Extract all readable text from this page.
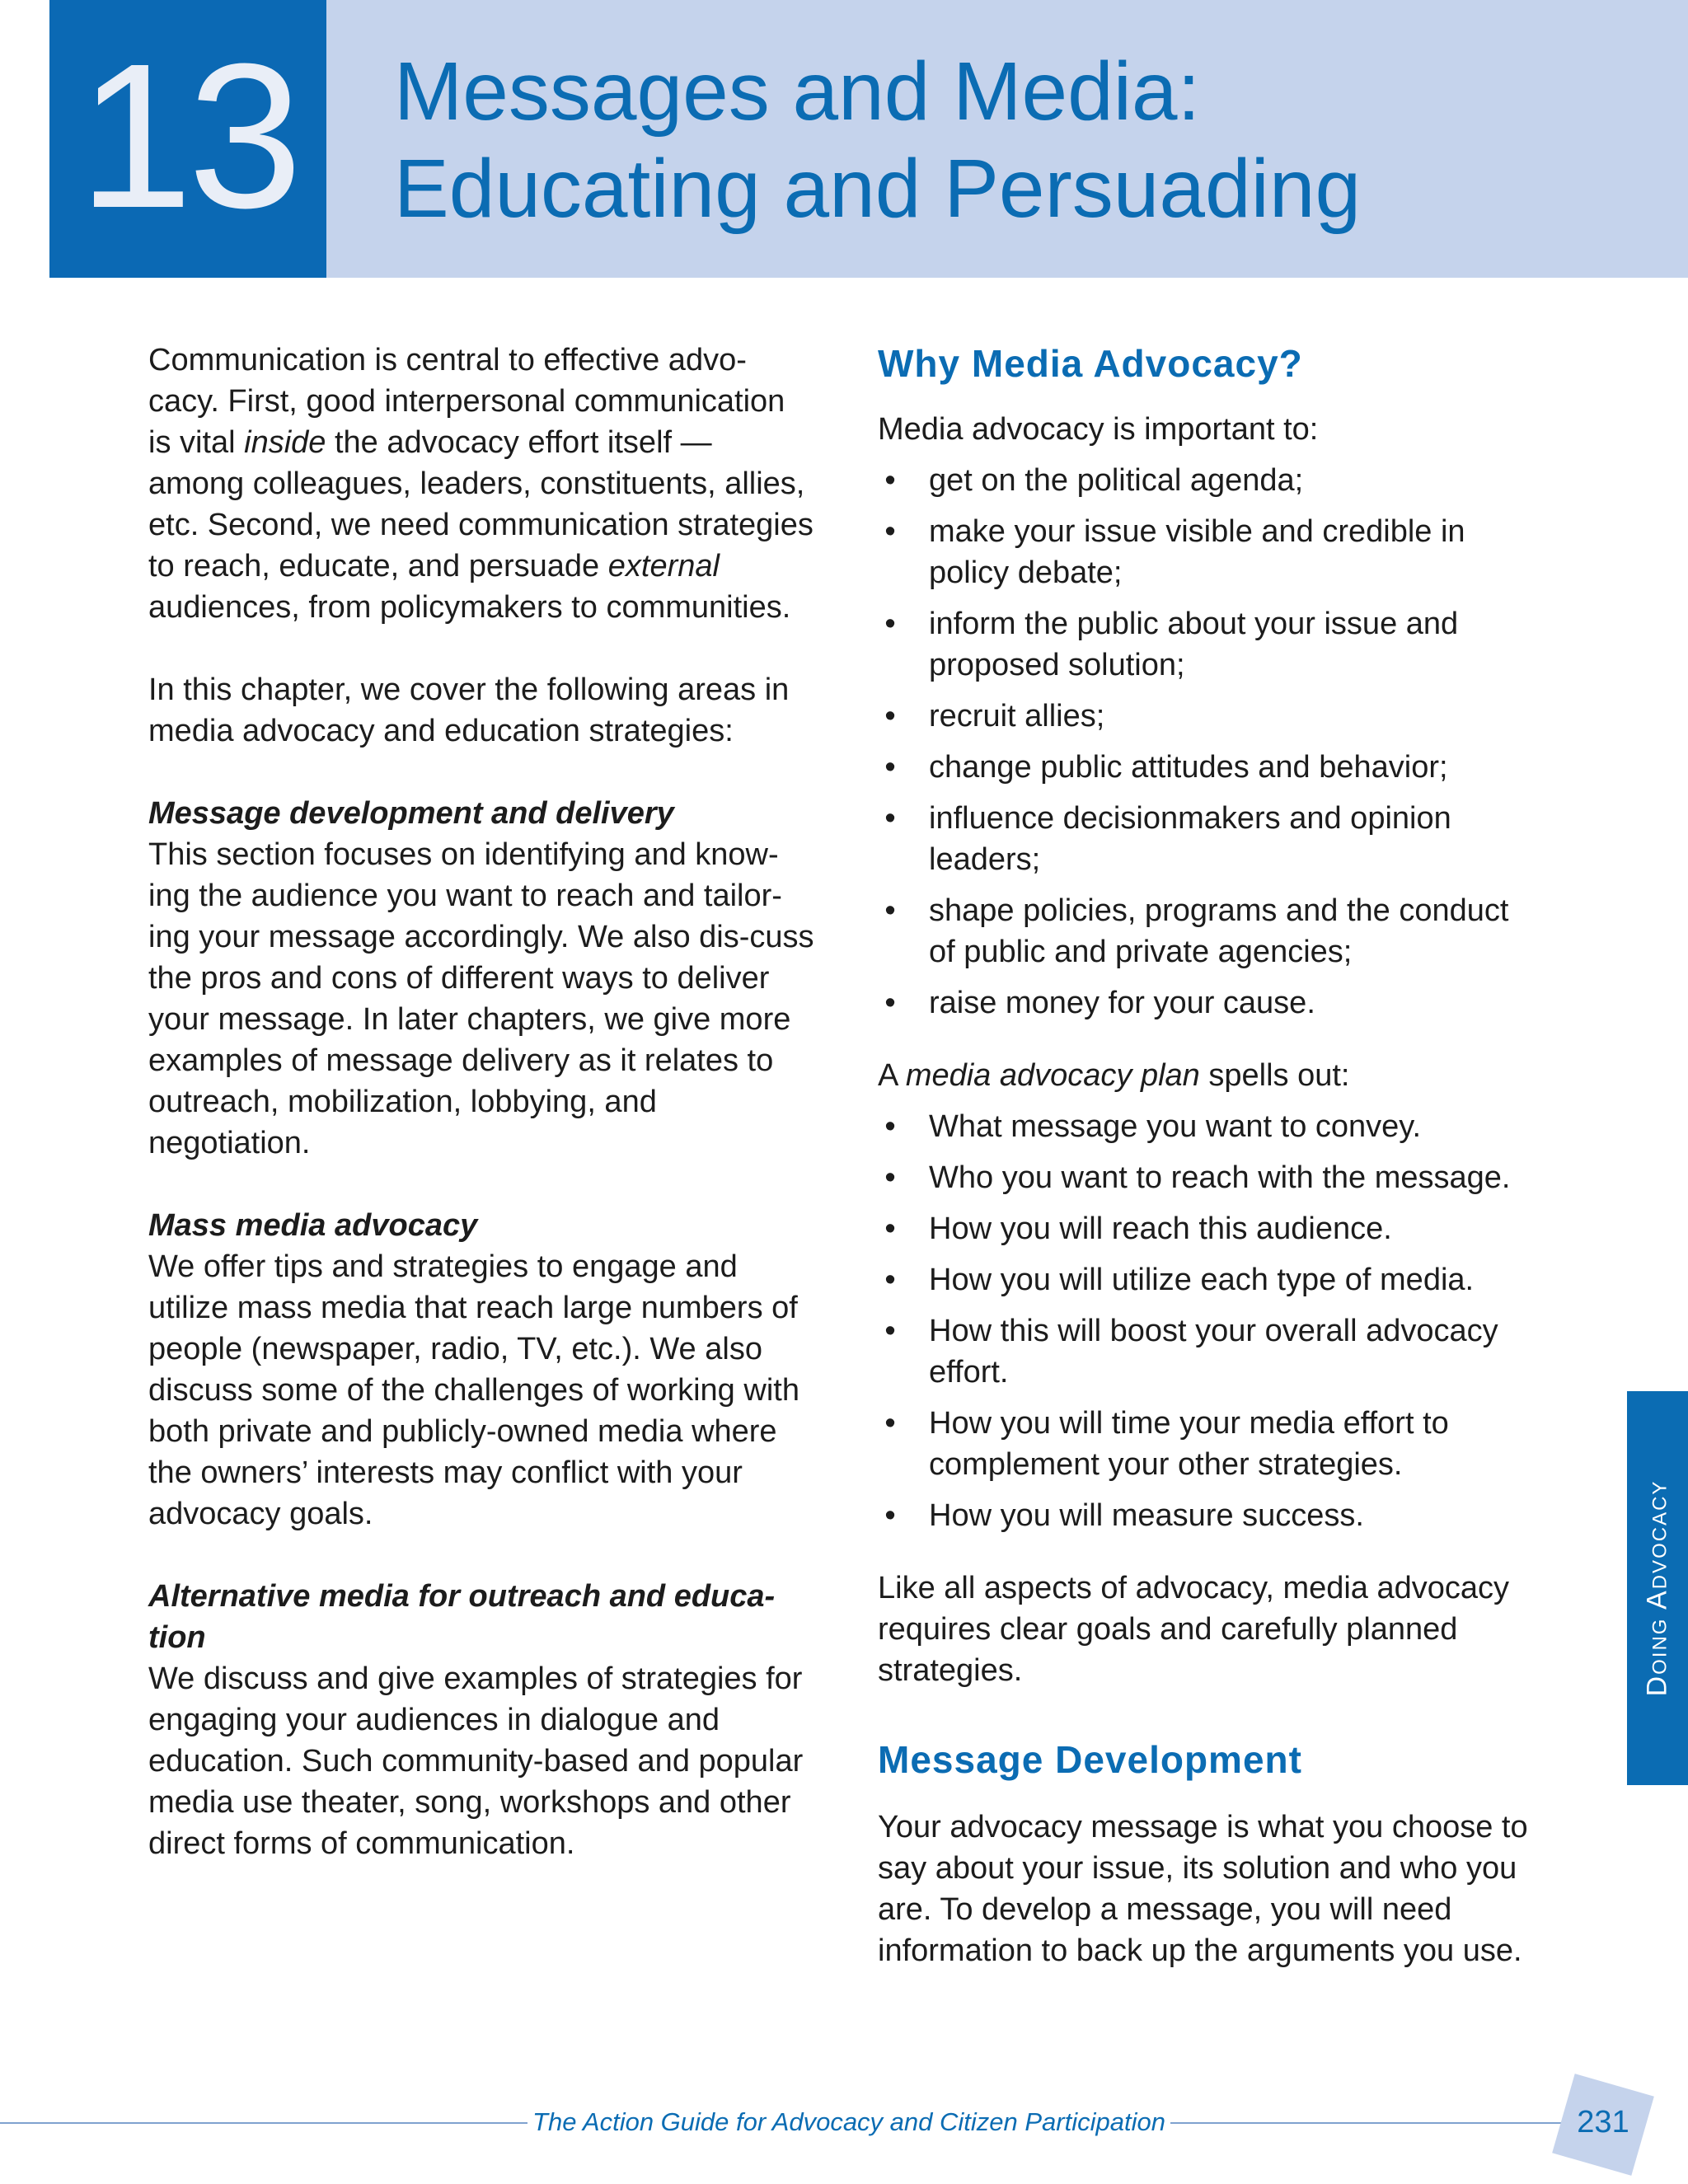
13	Messages and Media:
Educating and Persuading

Communication is central to effective advo-cacy. First, good interpersonal communication is vital inside the advocacy effort itself — among colleagues, leaders, constituents, allies, etc. Second, we need communication strategies to reach, educate, and persuade external audiences, from policymakers to communities.

In this chapter, we cover the following areas in media advocacy and education strategies:

Message development and delivery

This section focuses on identifying and know-ing the audience you want to reach and tailor-ing your message accordingly. We also dis-cuss the pros and cons of different ways to deliver your message. In later chapters, we give more examples of message delivery as it relates to outreach, mobilization, lobbying, and negotiation.

Mass media advocacy

We offer tips and strategies to engage and utilize mass media that reach large numbers of people (newspaper, radio, TV, etc.). We also discuss some of the challenges of working with both private and publicly-owned media where the owners’ interests may conflict with your advocacy goals.

Alternative media for outreach and educa-tion

We discuss and give examples of strategies for engaging your audiences in dialogue and education. Such community-based and popular media use theater, song, workshops and other direct forms of communication.

Why Media Advocacy?

Media advocacy is important to:

• get on the political agenda;
• make your issue visible and credible in policy debate;
• inform the public about your issue and proposed solution;
• recruit allies;
• change public attitudes and behavior;
• influence decisionmakers and opinion leaders;
• shape policies, programs and the conduct of public and private agencies;
• raise money for your cause.

A media advocacy plan spells out:

• What message you want to convey.
• Who you want to reach with the message.
• How you will reach this audience.
• How you will utilize each type of media.
• How this will boost your overall advocacy effort.
• How you will time your media effort to complement your other strategies.
• How you will measure success.

Like all aspects of advocacy, media advocacy requires clear goals and carefully planned strategies.

Message Development

Your advocacy message is what you choose to say about your issue, its solution and who you are. To develop a message, you will need information to back up the arguments you use.

Doing Advocacy
The Action Guide for Advocacy and Citizen Participation	231
